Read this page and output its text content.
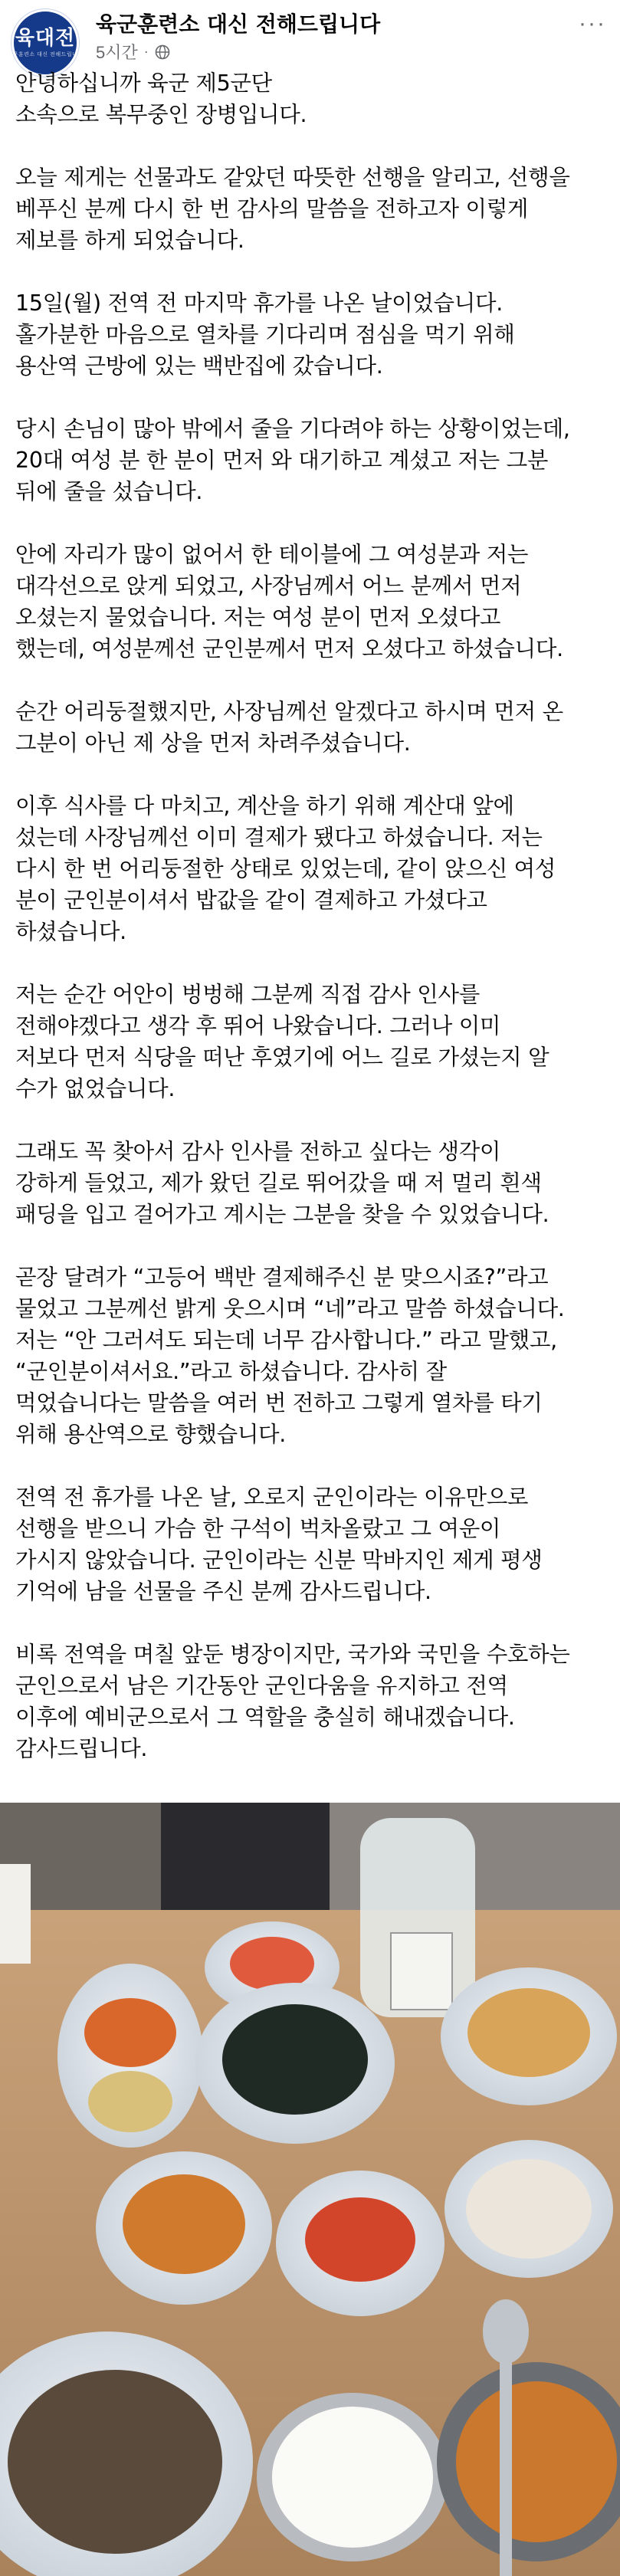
육대전
육군훈련소 대신 전해드립니다
육군훈련소 대신 전해드립니다
5시간 ·
···

안녕하십니까 육군 제5군단
소속으로 복무중인 장병입니다.

오늘 제게는 선물과도 같았던 따뜻한 선행을 알리고, 선행을
베푸신 분께 다시 한 번 감사의 말씀을 전하고자 이렇게
제보를 하게 되었습니다.

15일(월) 전역 전 마지막 휴가를 나온 날이었습니다.
홀가분한 마음으로 열차를 기다리며 점심을 먹기 위해
용산역 근방에 있는 백반집에 갔습니다.

당시 손님이 많아 밖에서 줄을 기다려야 하는 상황이었는데,
20대 여성 분 한 분이 먼저 와 대기하고 계셨고 저는 그분
뒤에 줄을 섰습니다.

안에 자리가 많이 없어서 한 테이블에 그 여성분과 저는
대각선으로 앉게 되었고, 사장님께서 어느 분께서 먼저
오셨는지 물었습니다. 저는 여성 분이 먼저 오셨다고
했는데, 여성분께선 군인분께서 먼저 오셨다고 하셨습니다.

순간 어리둥절했지만, 사장님께선 알겠다고 하시며 먼저 온
그분이 아닌 제 상을 먼저 차려주셨습니다.

이후 식사를 다 마치고, 계산을 하기 위해 계산대 앞에
섰는데 사장님께선 이미 결제가 됐다고 하셨습니다. 저는
다시 한 번 어리둥절한 상태로 있었는데, 같이 앉으신 여성
분이 군인분이셔서 밥값을 같이 결제하고 가셨다고
하셨습니다.

저는 순간 어안이 벙벙해 그분께 직접 감사 인사를
전해야겠다고 생각 후 뛰어 나왔습니다. 그러나 이미
저보다 먼저 식당을 떠난 후였기에 어느 길로 가셨는지 알
수가 없었습니다.

그래도 꼭 찾아서 감사 인사를 전하고 싶다는 생각이
강하게 들었고, 제가 왔던 길로 뛰어갔을 때 저 멀리 흰색
패딩을 입고 걸어가고 계시는 그분을 찾을 수 있었습니다.

곧장 달려가 “고등어 백반 결제해주신 분 맞으시죠?”라고
물었고 그분께선 밝게 웃으시며 “네”라고 말씀 하셨습니다.
저는 “안 그러셔도 되는데 너무 감사합니다.” 라고 말했고,
“군인분이셔서요.”라고 하셨습니다. 감사히 잘
먹었습니다는 말씀을 여러 번 전하고 그렇게 열차를 타기
위해 용산역으로 향했습니다.

전역 전 휴가를 나온 날, 오로지 군인이라는 이유만으로
선행을 받으니 가슴 한 구석이 벅차올랐고 그 여운이
가시지 않았습니다. 군인이라는 신분 막바지인 제게 평생
기억에 남을 선물을 주신 분께 감사드립니다.

비록 전역을 며칠 앞둔 병장이지만, 국가와 국민을 수호하는
군인으로서 남은 기간동안 군인다움을 유지하고 전역
이후에 예비군으로서 그 역할을 충실히 해내겠습니다.
감사드립니다.
